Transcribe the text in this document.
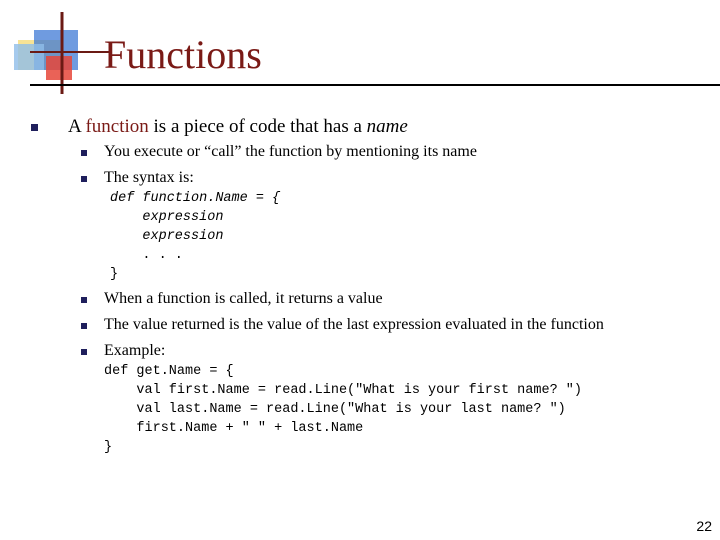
Functions
A function is a piece of code that has a name
You execute or “call” the function by mentioning its name
The syntax is:
def function.Name = {
expression
expression
. . .
}
When a function is called, it returns a value
The value returned is the value of the last expression evaluated in the function
Example:
def get.Name = {
val first.Name = read.Line("What is your first name? ")
val last.Name = read.Line("What is your last name? ")
first.Name + " " + last.Name
}
22
